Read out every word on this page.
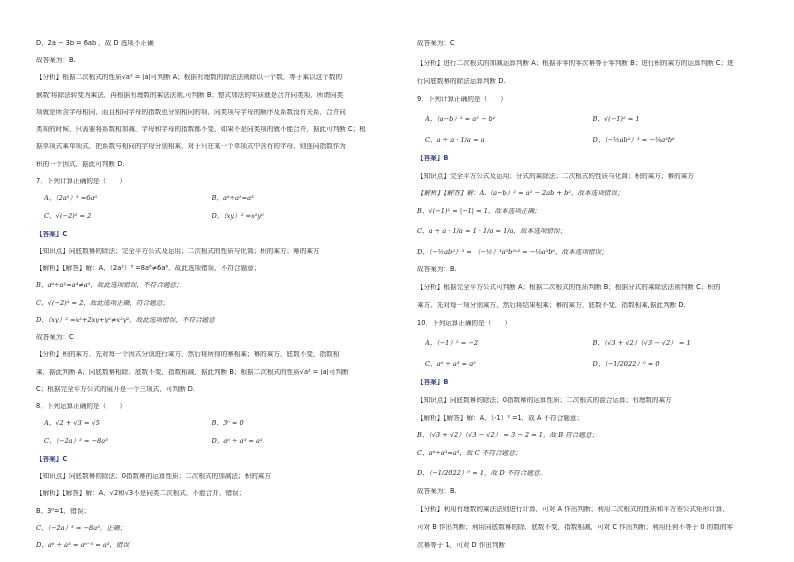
D、2a − 3b = 6ab ，故 D 选项不正确
故答案为：B.
【分析】根据二次根式的性质√a² = |a|可判断 A；根据有理数的除法法则除以一个数，等于乘以这个数的
倒数'将除法转变为乘法，再根据有理数的乘法法则,可判断 B；整式加法的实质就是合并同类项，所谓同类
项就是所含字母相同，而且相同字母的指数也分别相同的项，同类项与字母的顺序及系数没有关系，合并同
类项的时候，只需要将系数相加减，字母和字母的指数都不变，如果不是同类项的就不能合并，据此可判断 C；根
据单项式乘单项式，把系数与相同的字母分别相乘，对于只在某一个单项式中含有的字母，则连同指数作为
积的一个因式，据此可判断 D.
7．下列计算正确的是（　　）
A、（2a²）³ =6a⁶	B、a⁶÷a²=a³
C、√(−2)² = 2	D、（xy）² =x²y²
【答案】C
【知识点】同底数幂的除法；完全平方公式及运用；二次根式的性质与化简；积的乘方；幂的乘方
【解析】【解答】解：A、（2a²）³ =8a⁶≠6a⁶，故此选项错误，不符合题意；
B、a⁶÷a²=a⁴≠a³，故此选项错误，不符合题意；
C、√(−2)² = 2，故此选项正确，符合题意；
D、（xy）² =x²+2xy+y²≠x²y²，故此选项错误，不符合题意
故答案为：C
【分析】积的乘方，先对每一个因式分别进行乘方，然后将所得的幂相乘；幂的乘方，底数不变，指数相
乘，据此判断 A；同底数幂相除，底数不变，指数相减，据此判断 B；根据二次根式的性质√a² = |a|可判断
C；根据完全平方公式的展开是一个三项式，可判断 D.
8．下列运算正确的是（　　）
A、√2 + √3 = √5	B、3⁰ = 0
C、（−2a）³ = −8a³	D、a⁶ ÷ a³ = a²
【答案】C
【知识点】同底数幂的除法；0指数幂的运算性质；二次根式的加减法；积的乘方
【解析】【解答】解：A、√2和√3不是同类二次根式，不能合并，错误；
B、3⁰=1，错误；
C、（−2a）³ = −8a³，正确；
D、a⁶ ÷ a³ = a⁶⁻³ = a³，错误
故答案为：C
【分析】进行二次根式的加减运算判断 A；根据非零的零次幂等于零判断 B；进行积的乘方的运算判断 C；进
行同底数幂的除法运算判断 D.
9．下列计算正确的是（　　）
A、（a−b）² = a² − b²	B、√(−1)² = 1
C、a ÷ a · 1/a = a	D、（−½ab²）³ = −⅙a³b⁶
【答案】B
【知识点】完全平方公式及运用；分式的乘除法；二次根式的性质与化简；积的乘方；幂的乘方
【解析】【解答】解：A.（a−b）² = a² − 2ab + b²，故本选项错误；
B、√(−1)² = |−1| = 1，故本选项正确；
C、a ÷ a · 1/a = 1 · 1/a = 1/a，故本选项错误；
D、（−½ab²）³ = （−½）³a³b²ˣ³ = −⅛a³b⁶，故本选项错误；
故答案为：B.
【分析】根据完全平方公式可判断 A；根据二次根式的性质判断 B；根据分式的乘除法法则判断 C；积的
乘方，先对每一项分别乘方，然后将结果相乘；幂的乘方，底数不变，指数相乘,据此判断 D.
10．下列运算正确的是（　　）
A、（−1）² = −2	B、（√3 + √2）（√3 − √2） = 1
C、a⁶ ÷ a³ = a²	D、（−1/2022）⁰ = 0
【答案】B
【知识点】同底数幂的除法；0指数幂的运算性质；二次根式的混合运算；有理数的乘方
【解析】【解答】解：A、（-1）² =1，故 A 不符合题意；
B、（√3 + √2）（√3 − √2） = 3 − 2 = 1，故 B 符合题意；
C、a⁶÷a³=a³，故 C 不符合题意；
D、（−1/2022）⁰ = 1，故 D 不符合题意.
故答案为：B.
【分析】利用有理数的乘法法则进行计算，可对 A 作出判断；利用二次根式的性质和平方差公式矩形计算，
可对 B 作出判断；利用同底数幂的除，底数不变，指数相减，可对 C 作出判断；利用任何不等于 0 的数的零
次幂等于 1，可对 D 作出判断
